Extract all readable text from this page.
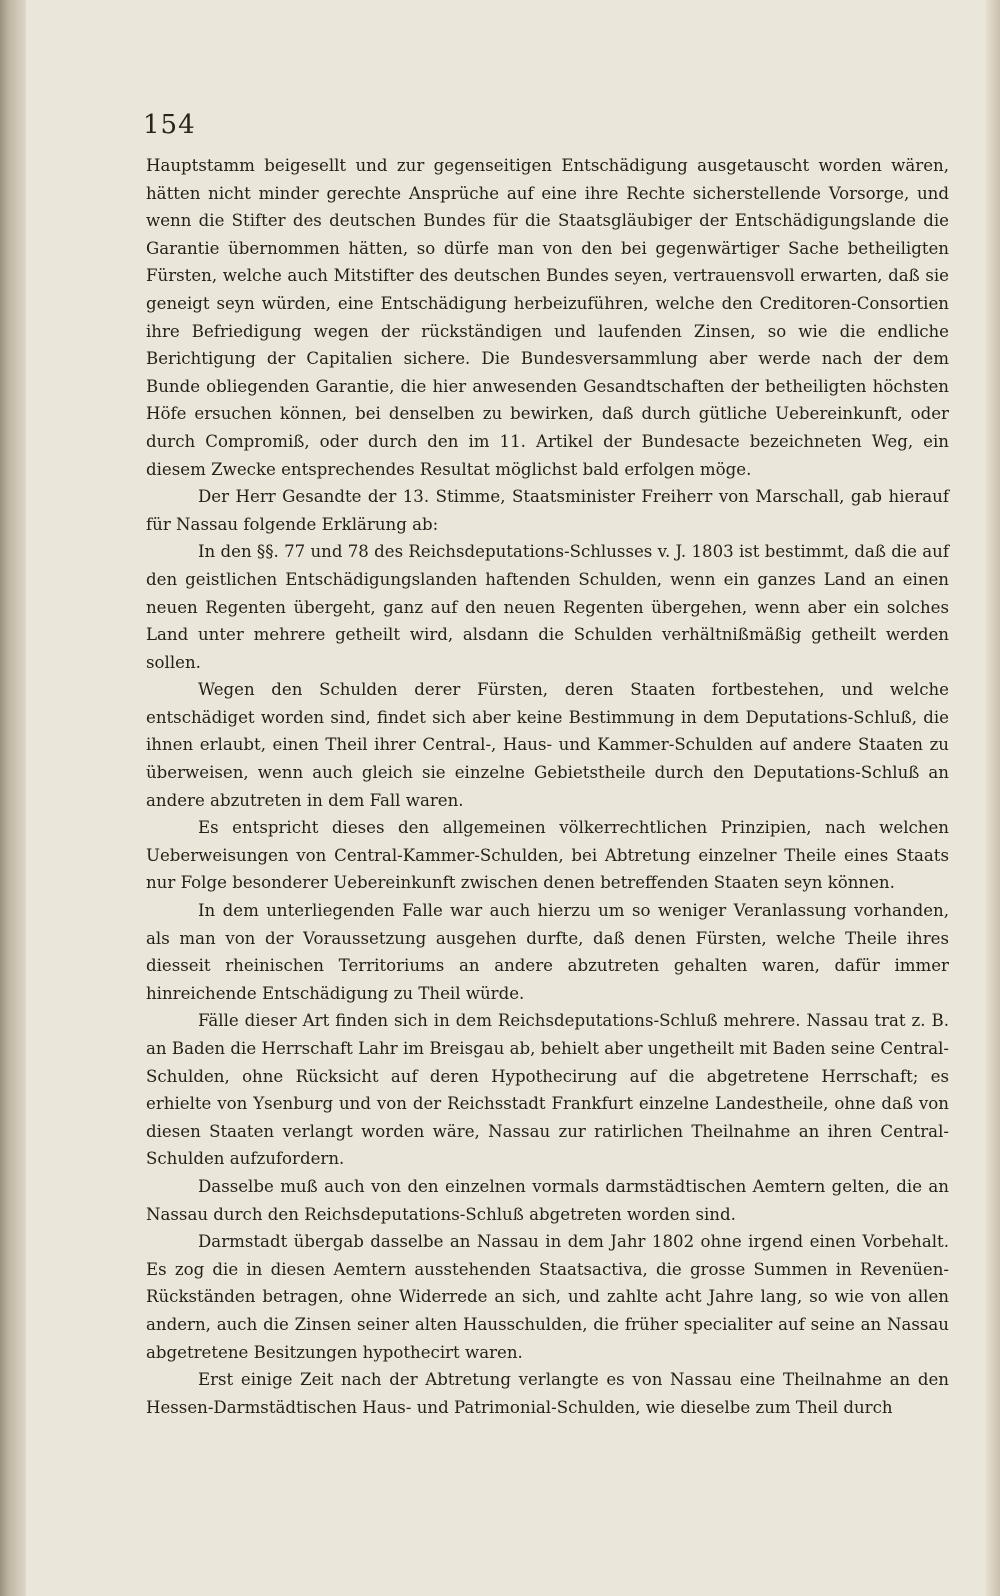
154

Hauptstamm beigesellt und zur gegenseitigen Entschädigung ausgetauscht worden wären, hätten nicht minder gerechte Ansprüche auf eine ihre Rechte sicherstellende Vorsorge, und wenn die Stifter des deutschen Bundes für die Staatsgläubiger der Entschädigungslande die Garantie übernommen hätten, so dürfe man von den bei gegenwärtiger Sache betheiligten Fürsten, welche auch Mitstifter des deutschen Bundes seyen, vertrauensvoll erwarten, daß sie geneigt seyn würden, eine Entschädigung herbeizuführen, welche den Creditoren-Consortien ihre Befriedigung wegen der rückständigen und laufenden Zinsen, so wie die endliche Berichtigung der Capitalien sichere. Die Bundesversammlung aber werde nach der dem Bunde obliegenden Garantie, die hier anwesenden Gesandtschaften der betheiligten höchsten Höfe ersuchen können, bei denselben zu bewirken, daß durch gütliche Uebereinkunft, oder durch Compromiß, oder durch den im 11. Artikel der Bundesacte bezeichneten Weg, ein diesem Zwecke entsprechendes Resultat möglichst bald erfolgen möge.

Der Herr Gesandte der 13. Stimme, Staatsminister Freiherr von Marschall, gab hierauf für Nassau folgende Erklärung ab:

In den §§. 77 und 78 des Reichsdeputations-Schlusses v. J. 1803 ist bestimmt, daß die auf den geistlichen Entschädigungslanden haftenden Schulden, wenn ein ganzes Land an einen neuen Regenten übergeht, ganz auf den neuen Regenten übergehen, wenn aber ein solches Land unter mehrere getheilt wird, alsdann die Schulden verhältnißmäßig getheilt werden sollen.

Wegen den Schulden derer Fürsten, deren Staaten fortbestehen, und welche entschädiget worden sind, findet sich aber keine Bestimmung in dem Deputations-Schluß, die ihnen erlaubt, einen Theil ihrer Central-, Haus- und Kammer-Schulden auf andere Staaten zu überweisen, wenn auch gleich sie einzelne Gebietstheile durch den Deputations-Schluß an andere abzutreten in dem Fall waren.

Es entspricht dieses den allgemeinen völkerrechtlichen Prinzipien, nach welchen Ueberweisungen von Central-Kammer-Schulden, bei Abtretung einzelner Theile eines Staats nur Folge besonderer Uebereinkunft zwischen denen betreffenden Staaten seyn können.

In dem unterliegenden Falle war auch hierzu um so weniger Veranlassung vorhanden, als man von der Voraussetzung ausgehen durfte, daß denen Fürsten, welche Theile ihres diesseit rheinischen Territoriums an andere abzutreten gehalten waren, dafür immer hinreichende Entschädigung zu Theil würde.

Fälle dieser Art finden sich in dem Reichsdeputations-Schluß mehrere. Nassau trat z. B. an Baden die Herrschaft Lahr im Breisgau ab, behielt aber ungetheilt mit Baden seine Central-Schulden, ohne Rücksicht auf deren Hypothecirung auf die abgetretene Herrschaft; es erhielte von Ysenburg und von der Reichsstadt Frankfurt einzelne Landestheile, ohne daß von diesen Staaten verlangt worden wäre, Nassau zur ratirlichen Theilnahme an ihren Central-Schulden aufzufordern.

Dasselbe muß auch von den einzelnen vormals darmstädtischen Aemtern gelten, die an Nassau durch den Reichsdeputations-Schluß abgetreten worden sind.

Darmstadt übergab dasselbe an Nassau in dem Jahr 1802 ohne irgend einen Vorbehalt. Es zog die in diesen Aemtern ausstehenden Staatsactiva, die grosse Summen in Revenüen-Rückständen betragen, ohne Widerrede an sich, und zahlte acht Jahre lang, so wie von allen andern, auch die Zinsen seiner alten Hausschulden, die früher specialiter auf seine an Nassau abgetretene Besitzungen hypothecirt waren.

Erst einige Zeit nach der Abtretung verlangte es von Nassau eine Theilnahme an den Hessen-Darmstädtischen Haus- und Patrimonial-Schulden, wie dieselbe zum Theil durch
